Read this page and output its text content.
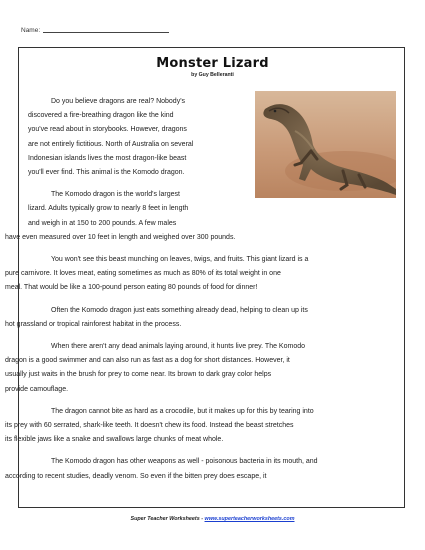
Name:
Monster Lizard
by Guy Belleranti

Do you believe dragons are real? Nobody's
discovered a fire-breathing dragon like the kind
you've read about in storybooks. However, dragons
are not entirely fictitious. North of Australia on several
Indonesian islands lives the most dragon-like beast
you'll ever find. This animal is the Komodo dragon.

The Komodo dragon is the world's largest
lizard. Adults typically grow to nearly 8 feet in length
and weigh in at 150 to 200 pounds. A few males
have even measured over 10 feet in length and weighed over 300 pounds.

You won't see this beast munching on leaves, twigs, and fruits. This giant lizard is a
pure carnivore. It loves meat, eating sometimes as much as 80% of its total weight in one
meal. That would be like a 100-pound person eating 80 pounds of food for dinner!

Often the Komodo dragon just eats something already dead, helping to clean up its
hot grassland or tropical rainforest habitat in the process.

When there aren't any dead animals laying around, it hunts live prey. The Komodo
dragon is a good swimmer and can also run as fast as a dog for short distances. However, it
usually just waits in the brush for prey to come near. Its brown to dark gray color helps
provide camouflage.

The dragon cannot bite as hard as a crocodile, but it makes up for this by tearing into
its prey with 60 serrated, shark-like teeth. It doesn't chew its food. Instead the beast stretches
its flexible jaws like a snake and swallows large chunks of meat whole.

The Komodo dragon has other weapons as well - poisonous bacteria in its mouth, and
according to recent studies, deadly venom. So even if the bitten prey does escape, it

Super Teacher Worksheets - www.superteacherworksheets.com
